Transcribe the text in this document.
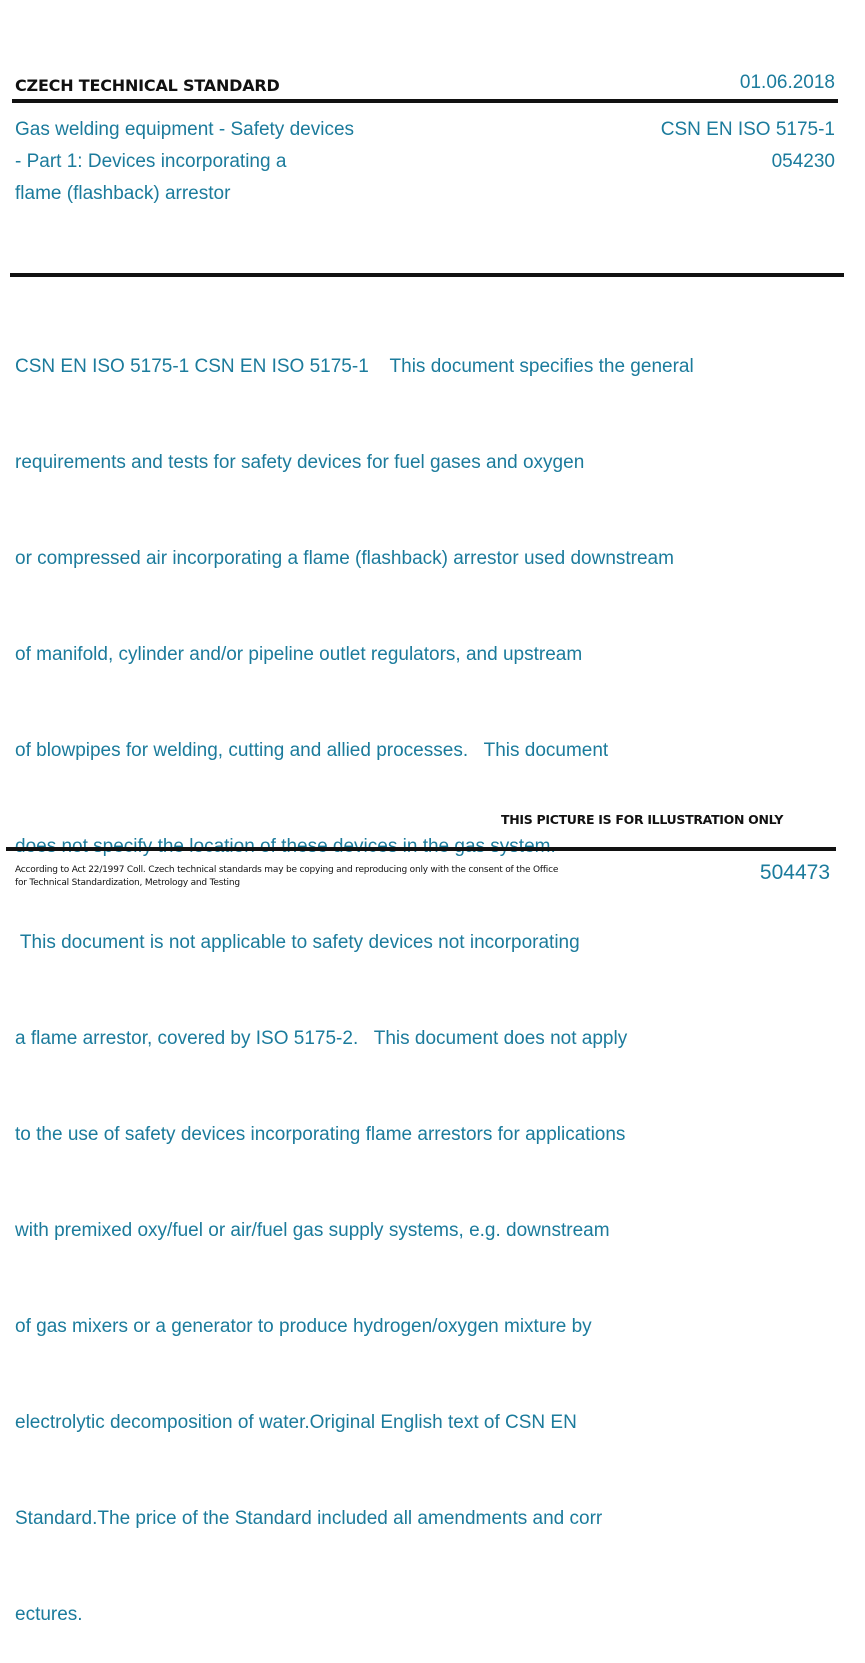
CZECH TECHNICAL STANDARD	01.06.2018
Gas welding equipment - Safety devices
- Part 1: Devices incorporating a
flame (flashback) arrestor
CSN EN ISO 5175-1
054230

CSN EN ISO 5175-1 CSN EN ISO 5175-1    This document specifies the general

requirements and tests for safety devices for fuel gases and oxygen

or compressed air incorporating a flame (flashback) arrestor used downstream

of manifold, cylinder and/or pipeline outlet regulators, and upstream

of blowpipes for welding, cutting and allied processes.   This document

This document is not applicable to safety devices not incorporating

a flame arrestor, covered by ISO 5175-2.   This document does not apply

to the use of safety devices incorporating flame arrestors for applications

with premixed oxy/fuel or air/fuel gas supply systems, e.g. downstream

of gas mixers or a generator to produce hydrogen/oxygen mixture by

electrolytic decomposition of water.Original English text of CSN EN

Standard.The price of the Standard included all amendments and corr

ectures.

THIS PICTURE IS FOR ILLUSTRATION ONLY
According to Act 22/1997 Coll. Czech technical standards may be copying and reproducing only with the consent of the Office
for Technical Standardization, Metrology and Testing	504473
